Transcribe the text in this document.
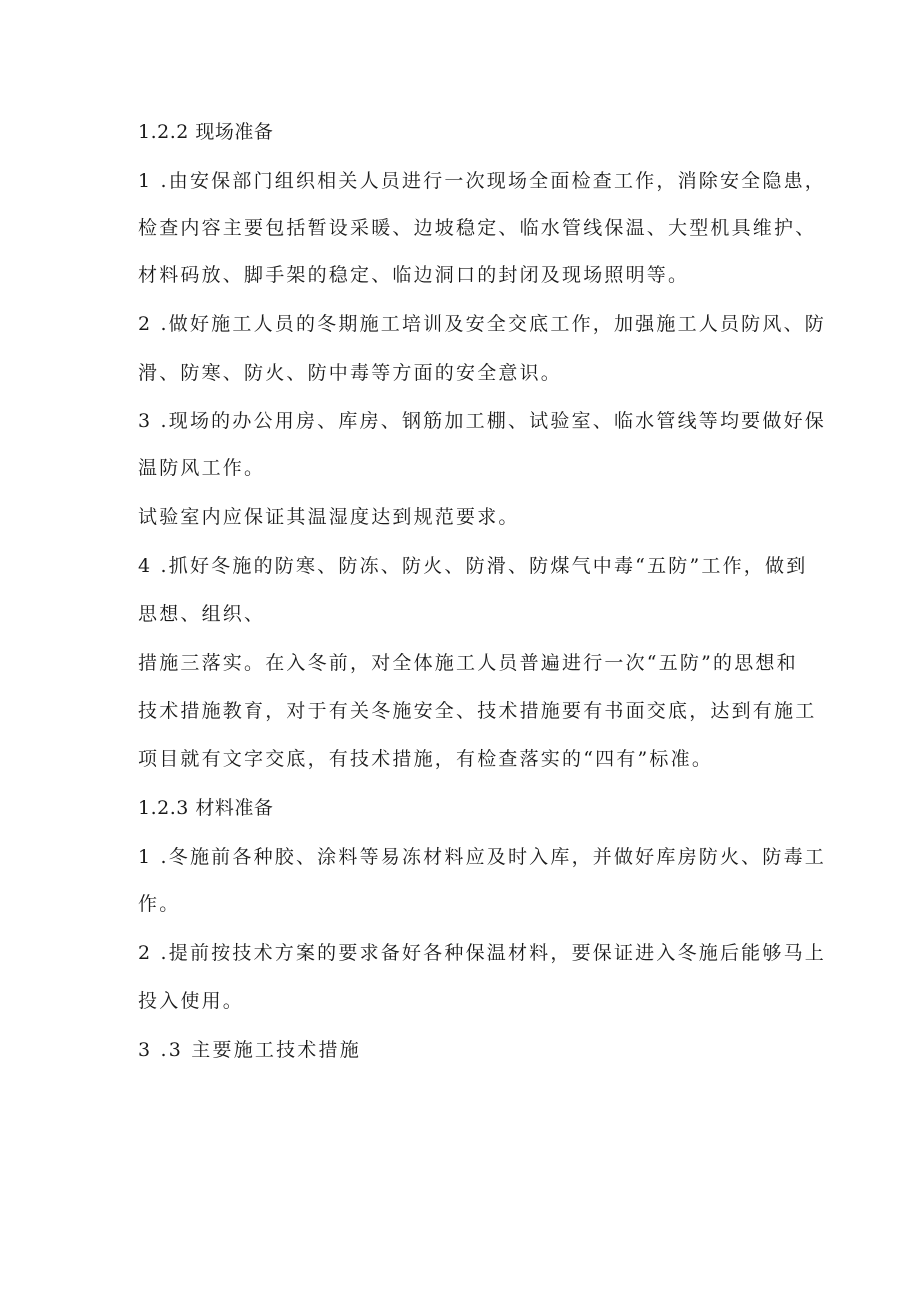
1.2.2 现场准备
1 .由安保部门组织相关人员进行一次现场全面检查工作，消除安全隐患，
检查内容主要包括暂设采暖、边坡稳定、临水管线保温、大型机具维护、
材料码放、脚手架的稳定、临边洞口的封闭及现场照明等。
2 .做好施工人员的冬期施工培训及安全交底工作，加强施工人员防风、防
滑、防寒、防火、防中毒等方面的安全意识。
3 .现场的办公用房、库房、钢筋加工棚、试验室、临水管线等均要做好保
温防风工作。
试验室内应保证其温湿度达到规范要求。
4 .抓好冬施的防寒、防冻、防火、防滑、防煤气中毒“五防”工作，做到
思想、组织、
措施三落实。在入冬前，对全体施工人员普遍进行一次“五防”的思想和
技术措施教育，对于有关冬施安全、技术措施要有书面交底，达到有施工
项目就有文字交底，有技术措施，有检查落实的“四有”标准。
1.2.3 材料准备
1 .冬施前各种胶、涂料等易冻材料应及时入库，并做好库房防火、防毒工
作。
2 .提前按技术方案的要求备好各种保温材料，要保证进入冬施后能够马上
投入使用。
3 .3 主要施工技术措施
